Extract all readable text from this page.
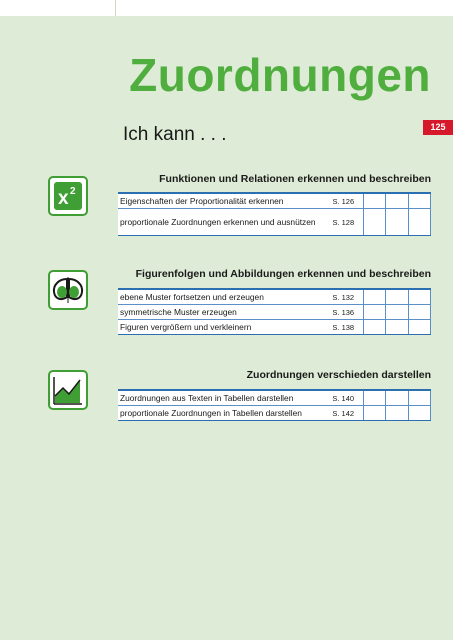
Zuordnungen
Ich kann . . .	125
Funktionen und Relationen erkennen und beschreiben
x 2
Eigenschaften der Proportionalität erkennen	S. 126			
proportionale Zuordnungen erkennen und ausnützen	S. 128			
Figurenfolgen und Abbildungen erkennen und beschreiben
ebene Muster fortsetzen und erzeugen	S. 132			
symmetrische Muster erzeugen	S. 136			
Figuren vergrößern und verkleinern	S. 138			
Zuordnungen verschieden darstellen
Zuordnungen aus Texten in Tabellen darstellen	S. 140			
proportionale Zuordnungen in Tabellen darstellen	S. 142			
